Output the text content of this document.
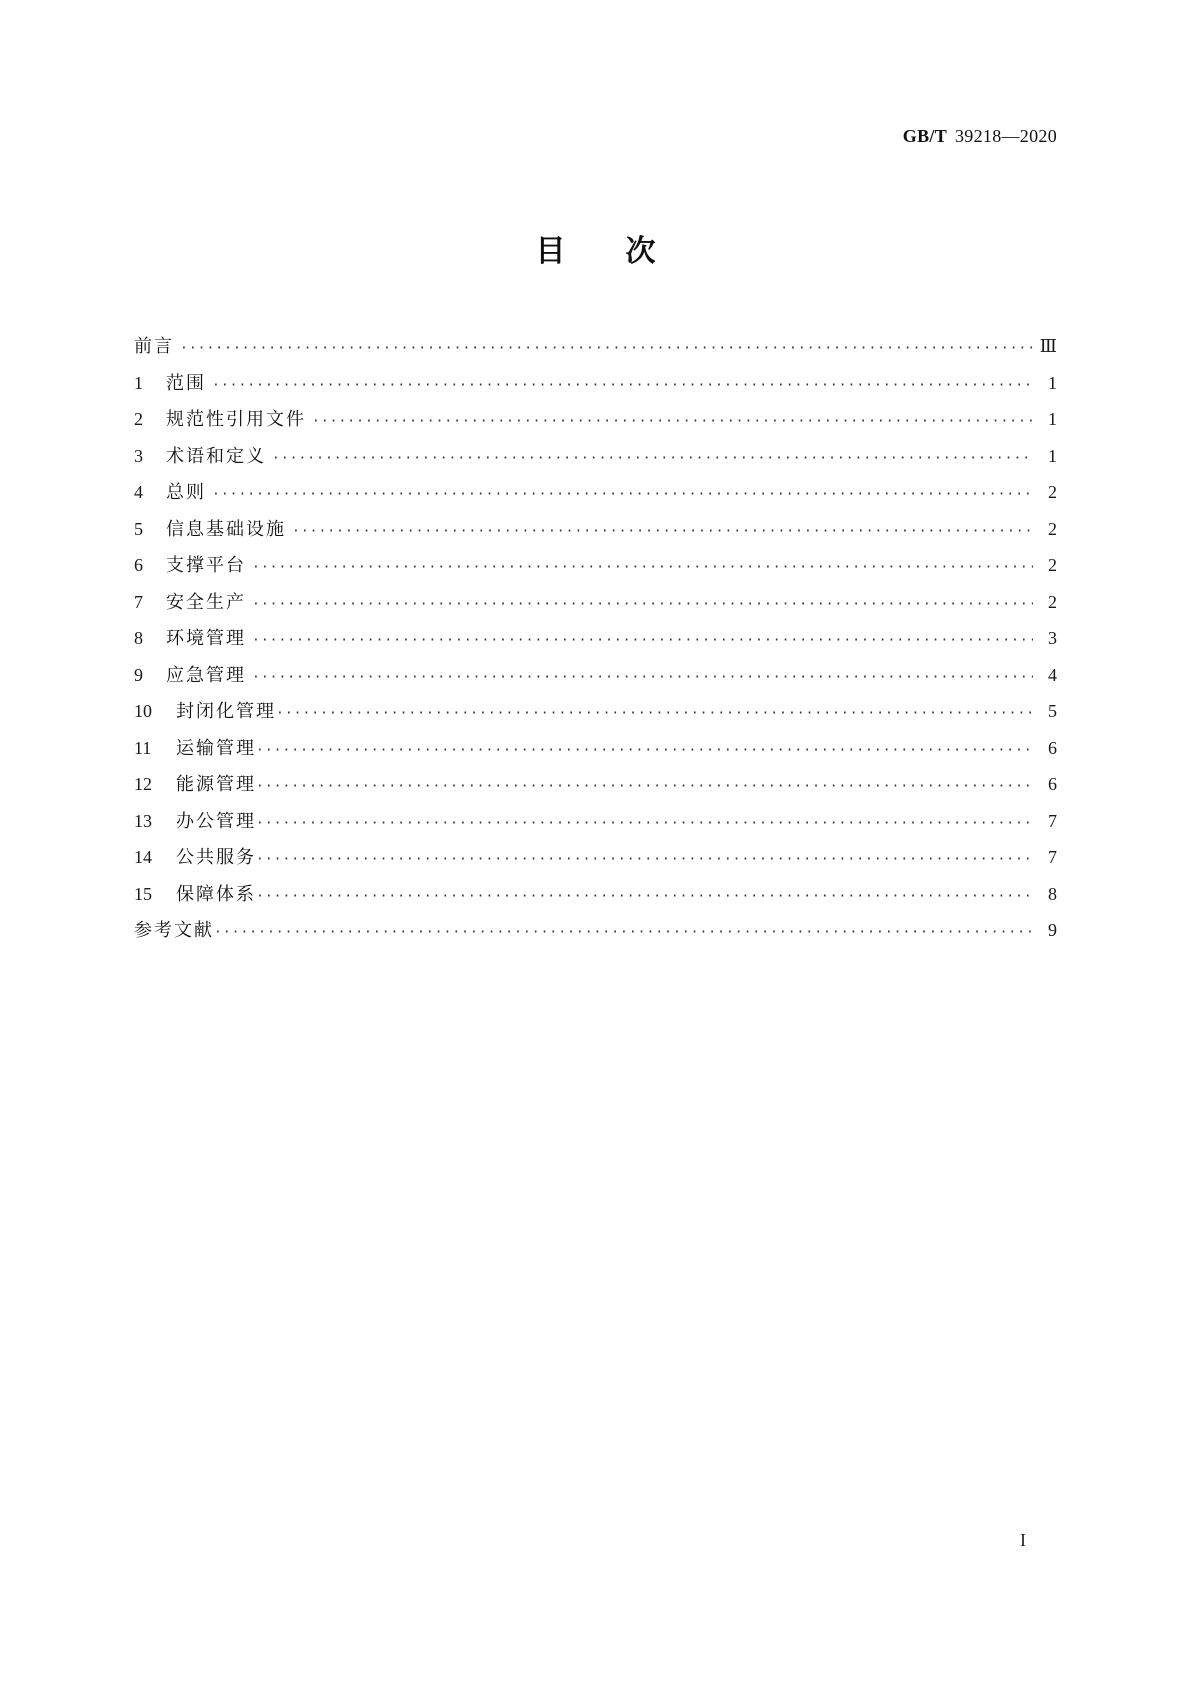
GB/T 39218—2020
目次
前言 ·····	Ⅲ
1	范围 ·····	1
2	规范性引用文件 ·····	1
3	术语和定义 ·····	1
4	总则 ·····	2
5	信息基础设施 ·····	2
6	支撑平台 ·····	2
7	安全生产 ·····	2
8	环境管理 ·····	3
9	应急管理 ·····	4
10	封闭化管理 ·····	5
11	运输管理 ·····	6
12	能源管理 ·····	6
13	办公管理 ·····	7
14	公共服务 ·····	7
15	保障体系 ·····	8
参考文献 ·····	9
I
